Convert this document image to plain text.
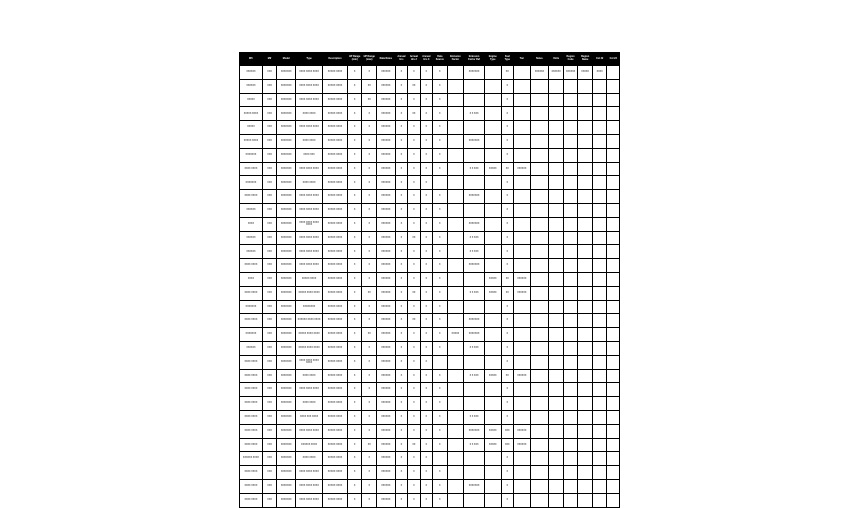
Mfr	Mfr	Model	Type	Description	HP Range (min)	HP Range (max)	Data Notes	Annual Hrs	Annual Hrs 2	Annual Hrs 3	Data Source	Emission Factor	Emission Factor Ref	Engine Type	Fuel Type	Tier	Notes	Units	Region Code	Region Name	Col 22	Col 23
XXXXXX	XXX	XXXXXXX	XXXX XXXX XXXX	XXXXX XXXX	X	X	XXXXXX	X	X	X	X		XXXXXXX		XX		XXXXXX	XXXXXX	XXXXXX	XXXXX	XXXX	
XXXXXX	XXX	XXXXXXX	XXXX XXXX XXXX	XXXXX XXXX	X	XX	XXXXXX	X	XX	X	X				X							
XXXXX	XXX	XXXXXXX	XXXX XXXX XXXX	XXXXX XXXX	X	XX	XXXXXX	X	X	X	X				X							
XXXXX XXXX	XXX	XXXXXXX	XXXX XXXX	XXXXX XXXX	X	X	XXXXXX	X	XX	X	X		X X XXX		X							
XXXXX	XXX	XXXXXXX	XXXX XXXX XXXX	XXXXX XXXX	X	X	XXXXXX	X	X	X	X				X							
XXXXX XXXX	XXX	XXXXXXX	XXXX XXXX	XXXXX XXXX	X	X	XXXXXX	X	X	X	X		XXXXXXX		X							
XXXXXXX	XXX	XXXXXXX	XXXX XXX	XXXXX XXXX	X	X	XXXXXX	X	X	X	X				X							
XXXX XXXX	XXX	XXXXXXX	XXXX XXXX XXXX	XXXXX XXXX	X	X	XXXXXX	X	X	X	X		X X XXX	XXXXX	XX	XXXXXX						
XXXXXXX	XXX	XXXXXXX	XXXX XXXX	XXXXX XXXX	X	X	XXXXXX	X	X	X					X							
XXXX XXXX	XXX	XXXXXXX	XXXX XXXX XXXX	XXXXX XXXX	X	X	XXXXXX	X	X	X	X		XXXXXXX		X							
XXXXXX	XXX	XXXXXXX	XXXX XXXX XXXX	XXXXX XXXX	X	X	XXXXXX	X	X	X	X				X							
XXXX	XXX	XXXXXXX	XXXX XXXX XXXX XXXX	XXXXX XXXX	X	X	XXXXXX	X	X	X	X		XXXXXXX		X							
XXXXXX	XXX	XXXXXXX	XXXX XXXX XXXX	XXXXX XXXX	X	X	XXXXXX	X	XX	X	X		X X XXX		X							
XXXXXX	XXX	XXXXXXX	XXXX XXXX XXXX	XXXXX XXXX	X	X	XXXXXX	X	X	X	X		X X XXX		X							
XXXX XXXX	XXX	XXXXXXX	XXXX XXXX XXXX	XXXXX XXXX	X	X	XXXXXX	X	X	X	X		XXXXXXX		X							
XXXX	XXX	XXXXXXX	XXXXX XXXX	XXXXX XXXX	X	X	XXXXXX	X	X	X	X			XXXXX	XX	XXXXXX						
XXXX XXXX	XXX	XXXXXXX	XXXXX XXXX XXXX	XXXXX XXXX	X	XX	XXXXXX	X	XX	X	X		X X XXX	XXXXX	XX	XXXXXX						
XXXXXXX	XXX	XXXXXXX	XXXXXXXX	XXXXX XXXX	X	X	XXXXXX	X	X	X	X				X							
XXXX XXXX	XXX	XXXXXXX	XXXXXX XXXX XXXX	XXXXX XXXX	X	X	XXXXXX	X	XX	X	X		XXXXXXX		X							
XXXXXXX	XXX	XXXXXXX	XXXXX XXXX XXXX	XXXXX XXXX	X	XX	XXXXXX	X	X	X	X	XXXXX	XXXXXXX		X							
XXXXXX	XXX	XXXXXXX	XXXXX XXXX XXXX	XXXXX XXXX	X	X	XXXXXX	X	X	X	X		X X XXX		X							
XXXX XXXX	XXX	XXXXXXX	XXXX XXXX XXXX XXXX	XXXXX XXXX	X	X	XXXXXX	X	X	X					X							
XXXX XXXX	XXX	XXXXXXX	XXXX XXXX	XXXXX XXXX	X	X	XXXXXX	X	X	X	X		X X XXX	XXXXX	XX	XXXXXX						
XXXX XXXX	XXX	XXXXXXX	XXXX XXXX XXXX	XXXXX XXXX	X	X	XXXXXX	X	X	X	X				X							
XXXX XXXX	XXX	XXXXXXX	XXXX XXXX	XXXXX XXXX	X	X	XXXXXX	X	X	X	X				X							
XXXX XXXX	XXX	XXXXXXX	XXXX XXX XXXX	XXXXX XXXX	X	X	XXXXXX	X	X	X	X		X X XXX		X							
XXXX XXXX	XXX	XXXXXXX	XXXX XXXX XXXX	XXXXX XXXX	X	X	XXXXXX	X	X	X	X		XXXXXXX	XXXXX	XXX	XXXXXX						
XXXX XXXX	XXX	XXXXXXX	XXXXXX XXXX	XXXXX XXXX	X	XX	XXXXXX	X	XX	X	X		X X XXX	XXXXX	XXX	XXXXXX						
XXXXXX XXXX	XXX	XXXXXXX	XXXX XXXX	XXXXX XXXX	X	X	XXXXXX	X	X	X					X							
XXXX XXXX	XXX	XXXXXXX	XXXX XXXX XXXX	XXXXX XXXX	X	X	XXXXXX	X	X	X	X				X							
XXXX XXXX	XXX	XXXXXXX	XXXX XXXX XXXX	XXXXX XXXX	X	X	XXXXXX	X	X	X	X		XXXXXXX		X							
XXXX XXXX	XXX	XXXXXXX	XXXX XXXX XXXX	XXXXX XXXX	X	X	XXXXXX	X	X	X	X				X							
